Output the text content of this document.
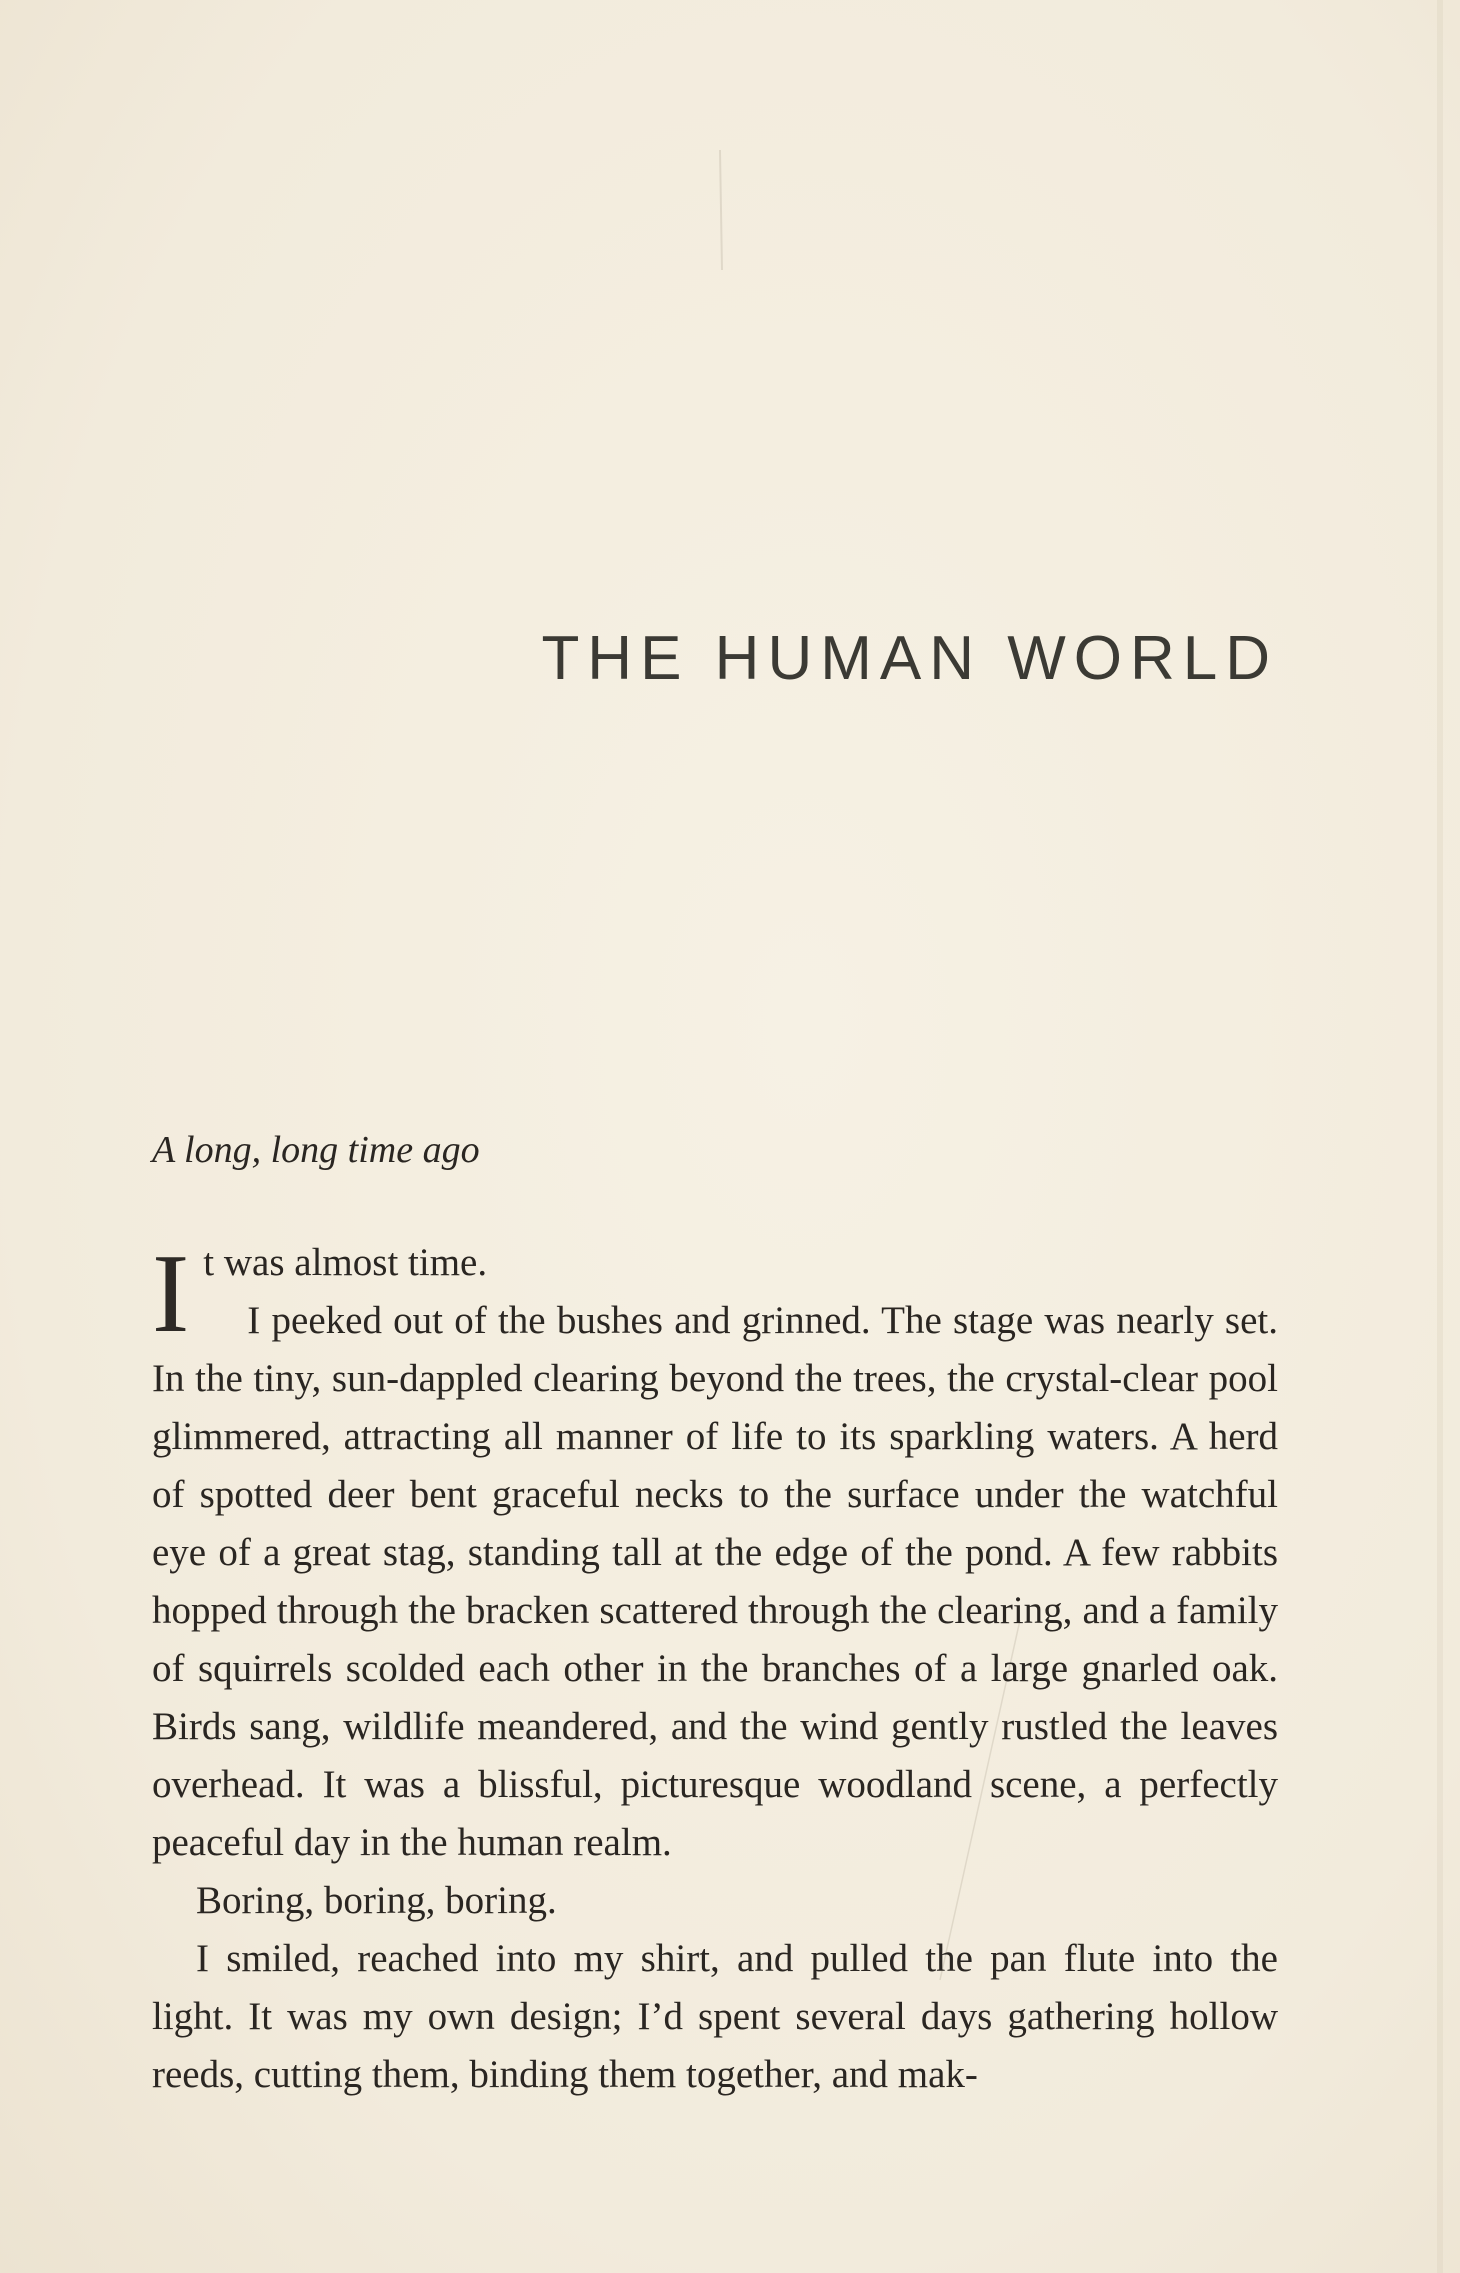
THE HUMAN WORLD

A long, long time ago

I t was almost time.

I peeked out of the bushes and grinned. The stage was nearly set. In the tiny, sun-dappled clearing beyond the trees, the crystal-clear pool glimmered, attracting all manner of life to its sparkling waters. A herd of spotted deer bent graceful necks to the surface under the watchful eye of a great stag, standing tall at the edge of the pond. A few rabbits hopped through the bracken scattered through the clearing, and a family of squirrels scolded each other in the branches of a large gnarled oak. Birds sang, wildlife meandered, and the wind gently rustled the leaves overhead. It was a blissful, picturesque woodland scene, a perfectly peaceful day in the human realm.

Boring, boring, boring.

I smiled, reached into my shirt, and pulled the pan flute into the light. It was my own design; I’d spent several days gathering hollow reeds, cutting them, binding them together, and mak-
